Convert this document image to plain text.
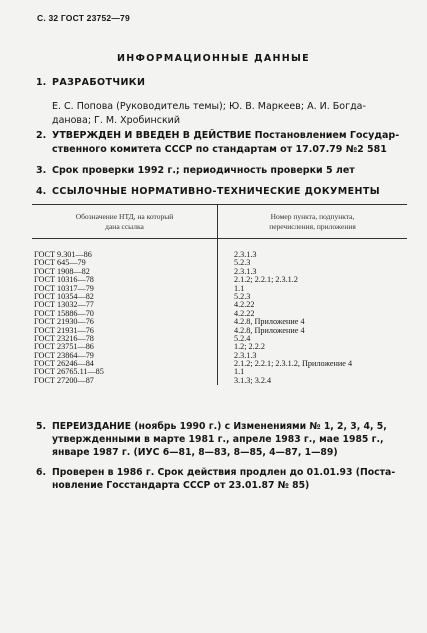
С. 32 ГОСТ 23752—79
ИНФОРМАЦИОННЫЕ ДАННЫЕ
1. РАЗРАБОТЧИКИ
Е. С. Попова (Руководитель темы); Ю. В. Маркеев; А. И. Богда-
данова; Г. М. Хробинский
2. УТВЕРЖДЕН И ВВЕДЕН В ДЕЙСТВИЕ Постановлением Государ-
ственного комитета СССР по стандартам от 17.07.79 №2 581
3. Срок проверки 1992 г.; периодичность проверки 5 лет
4. ССЫЛОЧНЫЕ НОРМАТИВНО-ТЕХНИЧЕСКИЕ ДОКУМЕНТЫ
Обозначение НТД, на который
дана ссылка
Номер пункта, подпункта,
перечисления, приложения
ГОСТ 9.301—86	2.3.1.3
ГОСТ 645—79	5.2.3
ГОСТ 1908—82	2.3.1.3
ГОСТ 10316—78	2.1.2; 2.2.1; 2.3.1.2
ГОСТ 10317—79	1.1
ГОСТ 10354—82	5.2.3
ГОСТ 13032—77	4.2.22
ГОСТ 15886—70	4.2.22
ГОСТ 21930—76	4.2.8, Приложение 4
ГОСТ 21931—76	4.2.8, Приложение 4
ГОСТ 23216—78	5.2.4
ГОСТ 23751—86	1.2; 2.2.2
ГОСТ 23864—79	2.3.1.3
ГОСТ 26246—84	2.1.2; 2.2.1; 2.3.1.2, Приложение 4
ГОСТ 26765.11—85	1.1
ГОСТ 27200—87	3.1.3; 3.2.4
5. ПЕРЕИЗДАНИЕ (ноябрь 1990 г.) с Изменениями № 1, 2, 3, 4, 5,
утвержденными в марте 1981 г., апреле 1983 г., мае 1985 г.,
январе 1987 г. (ИУС 6—81, 8—83, 8—85, 4—87, 1—89)
6. Проверен в 1986 г. Срок действия продлен до 01.01.93 (Поста-
новление Госстандарта СССР от 23.01.87 № 85)
